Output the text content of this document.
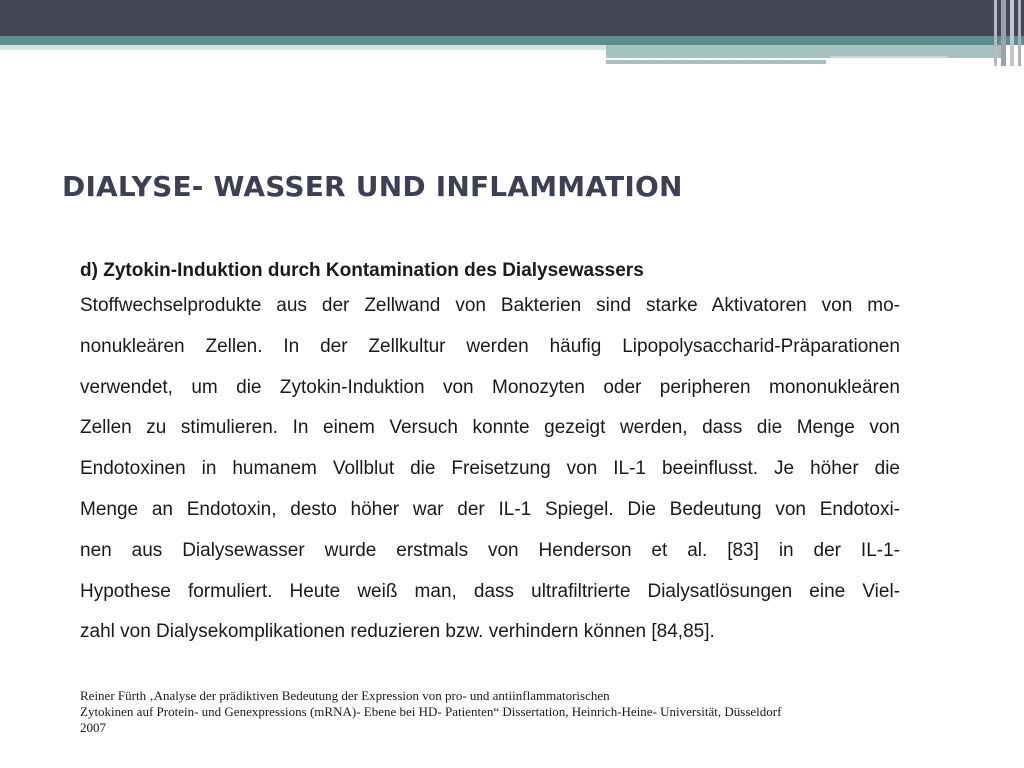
DIALYSE- WASSER UND INFLAMMATION
d) Zytokin-Induktion durch Kontamination des Dialysewassers
Stoffwechselprodukte aus der Zellwand von Bakterien sind starke Aktivatoren von mo-
nonukleären Zellen. In der Zellkultur werden häufig Lipopolysaccharid-Präparationen
verwendet, um die Zytokin-Induktion von Monozyten oder peripheren mononukleären
Zellen zu stimulieren. In einem Versuch konnte gezeigt werden, dass die Menge von
Endotoxinen in humanem Vollblut die Freisetzung von IL-1 beeinflusst. Je höher die
Menge an Endotoxin, desto höher war der IL-1 Spiegel. Die Bedeutung von Endotoxi-
nen aus Dialysewasser wurde erstmals von Henderson et al. [83] in der IL-1-
Hypothese formuliert. Heute weiß man, dass ultrafiltrierte Dialysatlösungen eine Viel-
zahl von Dialysekomplikationen reduzieren bzw. verhindern können [84,85].
Reiner Fürth ‚Analyse der prädiktiven Bedeutung der Expression von pro- und antiinflammatorischen
Zytokinen auf Protein- und Genexpressions (mRNA)- Ebene bei HD- Patienten“ Dissertation, Heinrich-Heine- Universität, Düsseldorf
2007
